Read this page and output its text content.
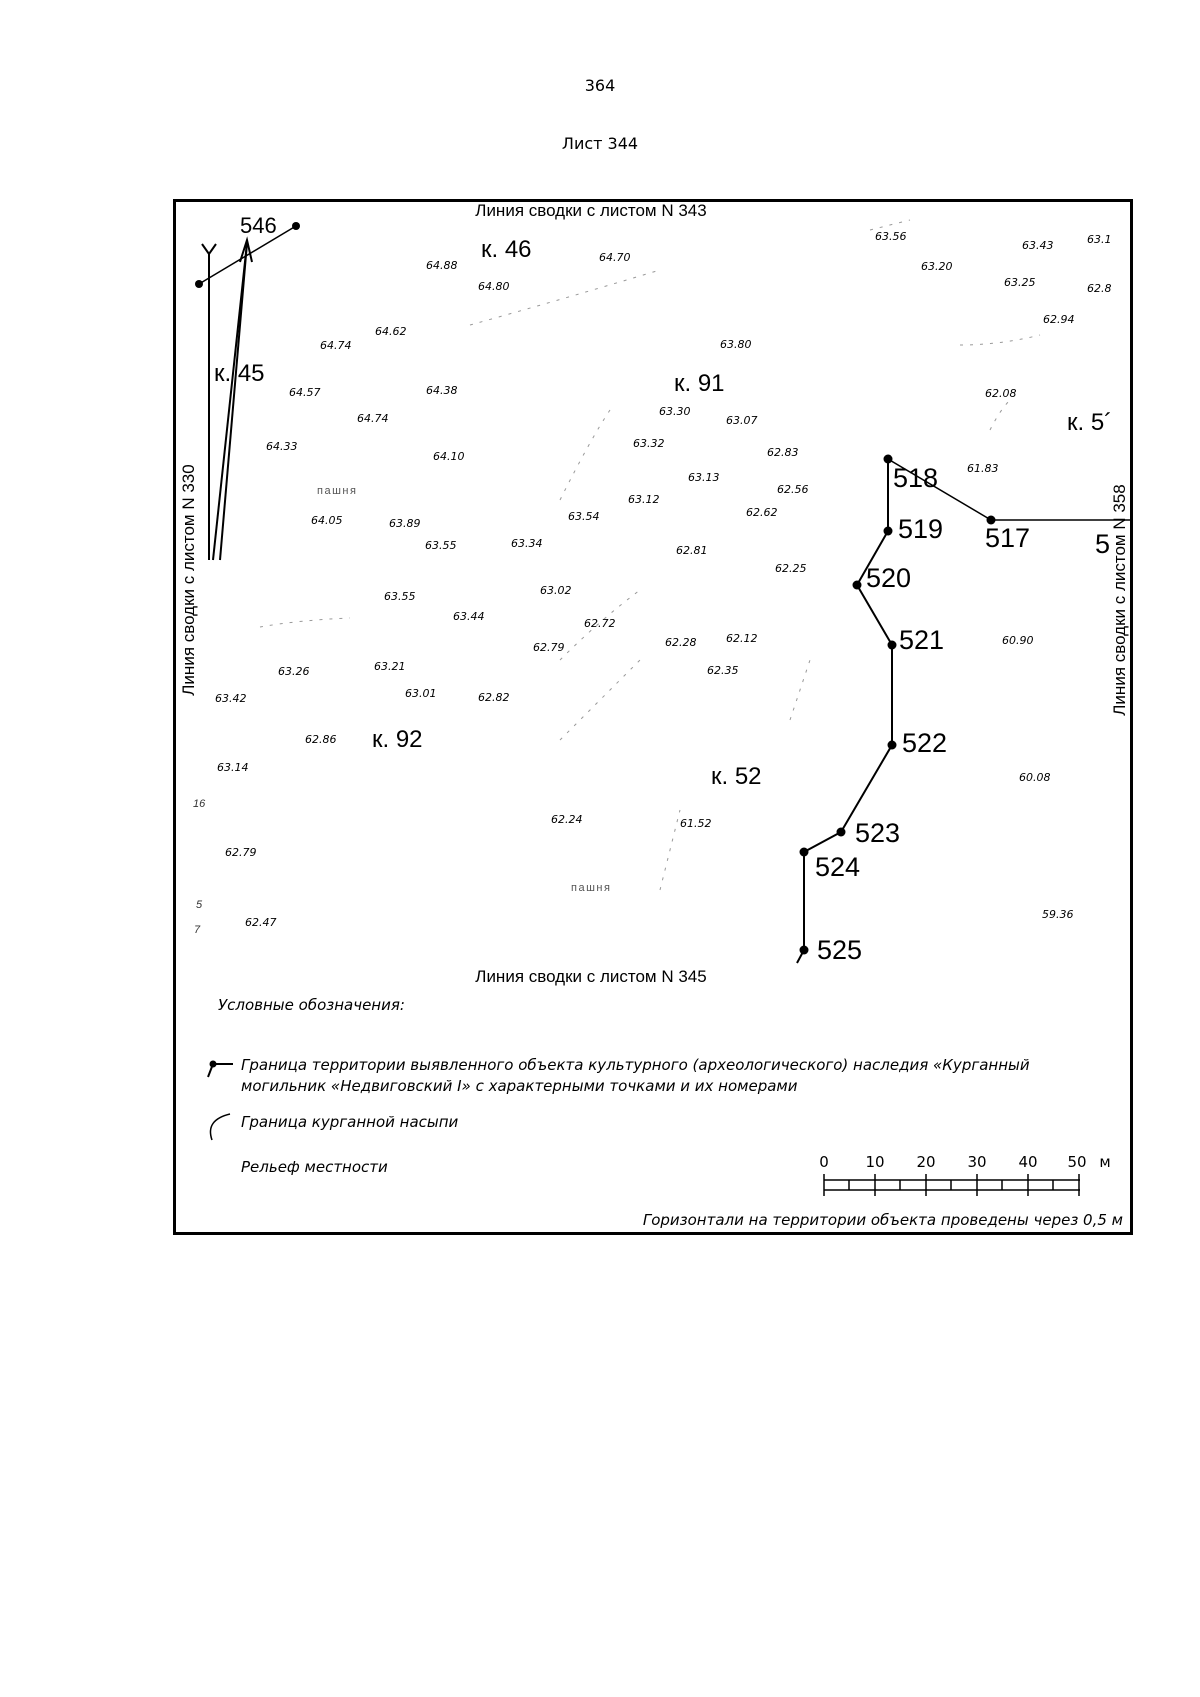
364
Лист 344
Линия сводки с листом N 343
Линия сводки с листом N 345
Линия сводки с листом N 330	Линия сводки с листом N 358
546
к. 46
к. 45	к. 91
к. 92
к. 52
к. 5´
518
519
520
521
522
523
524
525
517 5
63.56
63.43	63.1
64.88
64.70
63.20
64.80	63.25	62.8
62.94
64.62
64.74	63.80
64.57	64.38
63.30
62.08
64.74	63.07
64.33	63.32
62.83
64.10
63.13
61.83
62.56
63.12
64.05	63.89
63.54	62.62
63.55	63.34
62.81
62.25
63.55	63.02
63.44
62.72
62.79	62.28	62.12	60.90
63.26	63.21	62.35
63.42	63.01	62.82
62.86
63.14
60.08
62.24	61.52
62.79
59.36
62.47
пашня
пашня
16
5
7
Условные обозначения:
Граница территории выявленного объекта культурного (археологического) наследия «Курганный
могильник «Недвиговский I» с характерными точками и их номерами
Граница курганной насыпи
Рельеф местности	0 10 20 30 40 50 м
Горизонтали на территории объекта проведены через 0,5 м
